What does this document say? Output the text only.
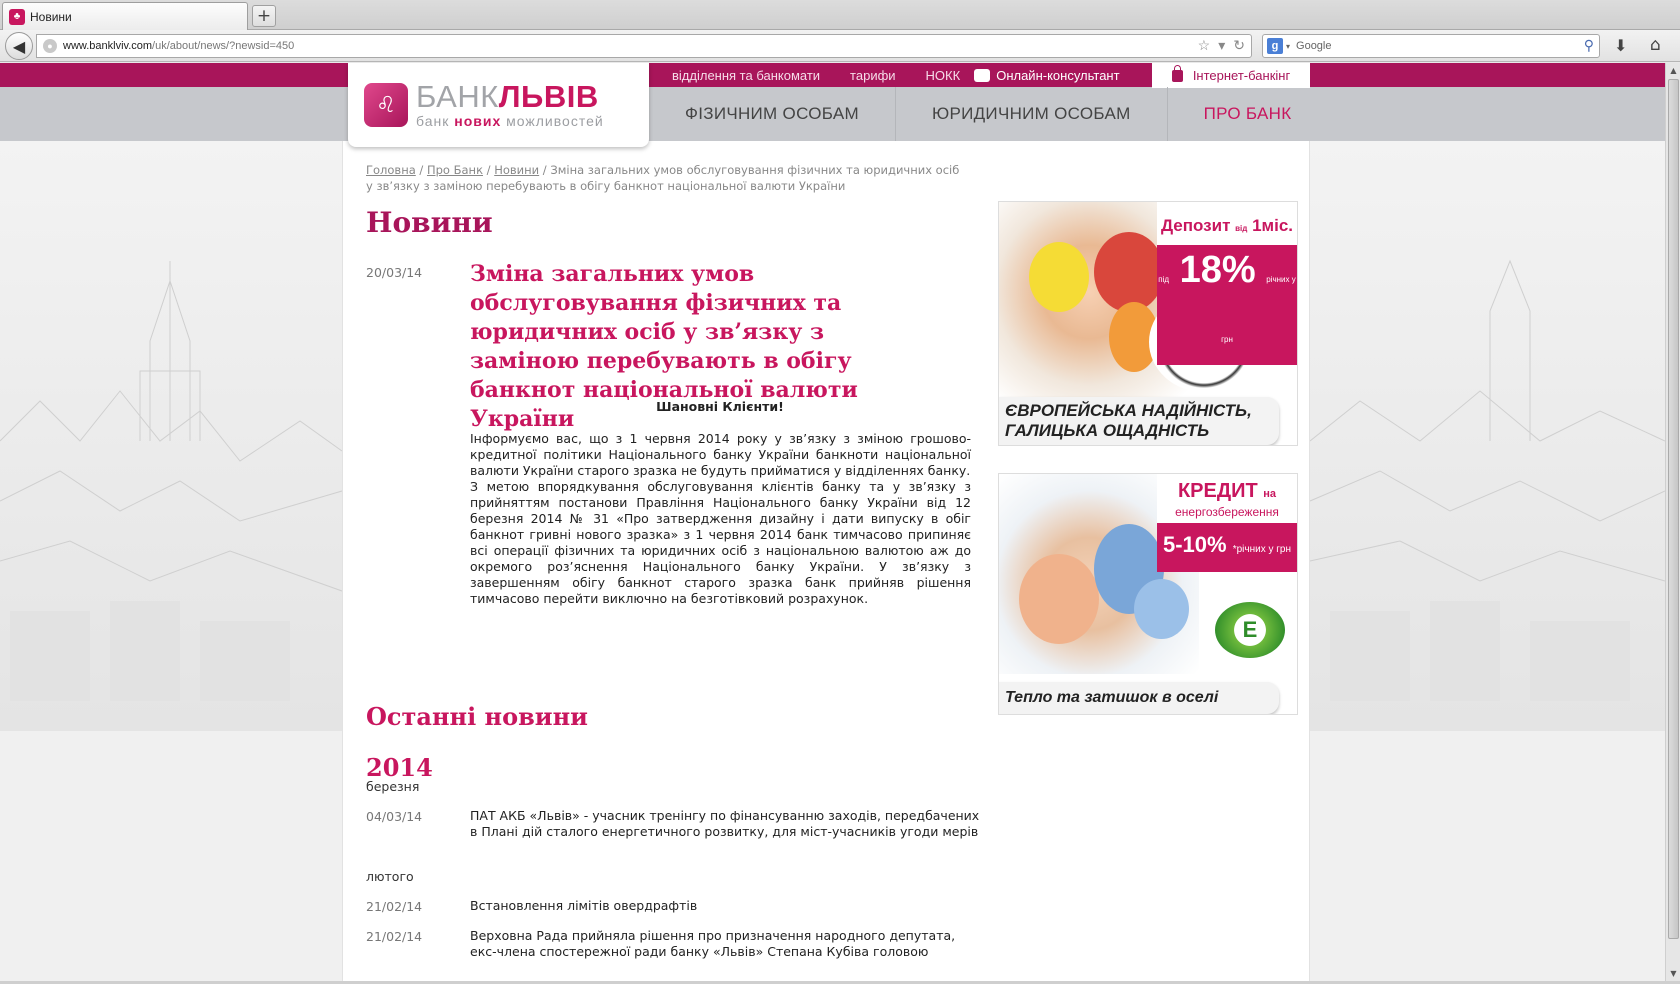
♣ Новини	+
◀	● www.banklviv.com /uk/about/news/?newsid=450	☆ ▾ ↻	g ▾ Google	⚲ ⬇ ⌂
♌ БАНКЛЬВІВ
банк нових можливостей
відділення та банкомати тарифи НОКК	Онлайн-консультант	Інтернет-банкінг
ФІЗИЧНИМ ОСОБАМ	ЮРИДИЧНИМ ОСОБАМ	ПРО БАНК
Головна / Про Банк / Новини / Зміна загальних умов обслуговування фізичних та юридичних осіб у зв’язку з заміною перебувають в обігу банкнот національної валюти України
Новини
20/03/14 Зміна загальних умов обслуговування фізичних та юридичних осіб у зв’язку з заміною перебувають в обігу банкнот національної валюти України	Шановні Клієнти!

Інформуємо вас, що з 1 червня 2014 року у зв’язку з зміною грошово-кредитної політики Національного банку України банкноти національної валюти України старого зразка не будуть прийматися у відділеннях банку.

З метою впорядкування обслуговування клієнтів банку та у зв’язку з прийняттям постанови Правління Національного банку України від 12 березня 2014 № 31 «Про затвердження дизайну і дати випуску в обіг банкнот гривні нового зразка» з 1 червня 2014 банк тимчасово припиняє всі операції фізичних та юридичних осіб з національною валютою аж до окремого роз’яснення Національного банку України. У зв’язку з завершенням обігу банкнот старого зразка банк прийняв рішення тимчасово перейти виключно на безготівковий розрахунок.

Останні новини
2014
березня
04/03/14	ПАТ АКБ «Львів» - учасник тренінгу по фінансуванню заходів, передбачених в Плані дій сталого енергетичного розвитку, для міст-учасників угоди мерів
лютого
21/02/14	Встановлення лімітів овердрафтів
21/02/14	Верховна Рада прийняла рішення про призначення народного депутата, екс-члена спостережної ради банку «Львів» Степана Кубіва головою
Депозит від 1міс.
під 18% річних у грн
ЄВРОПЕЙСЬКА НАДІЙНІСТЬ,
ГАЛИЦЬКА ОЩАДНІСТЬ
КРЕДИТ на
енергозбереження
5-10% *річних у грн
Е
Тепло та затишок в оселі
▲
▼
